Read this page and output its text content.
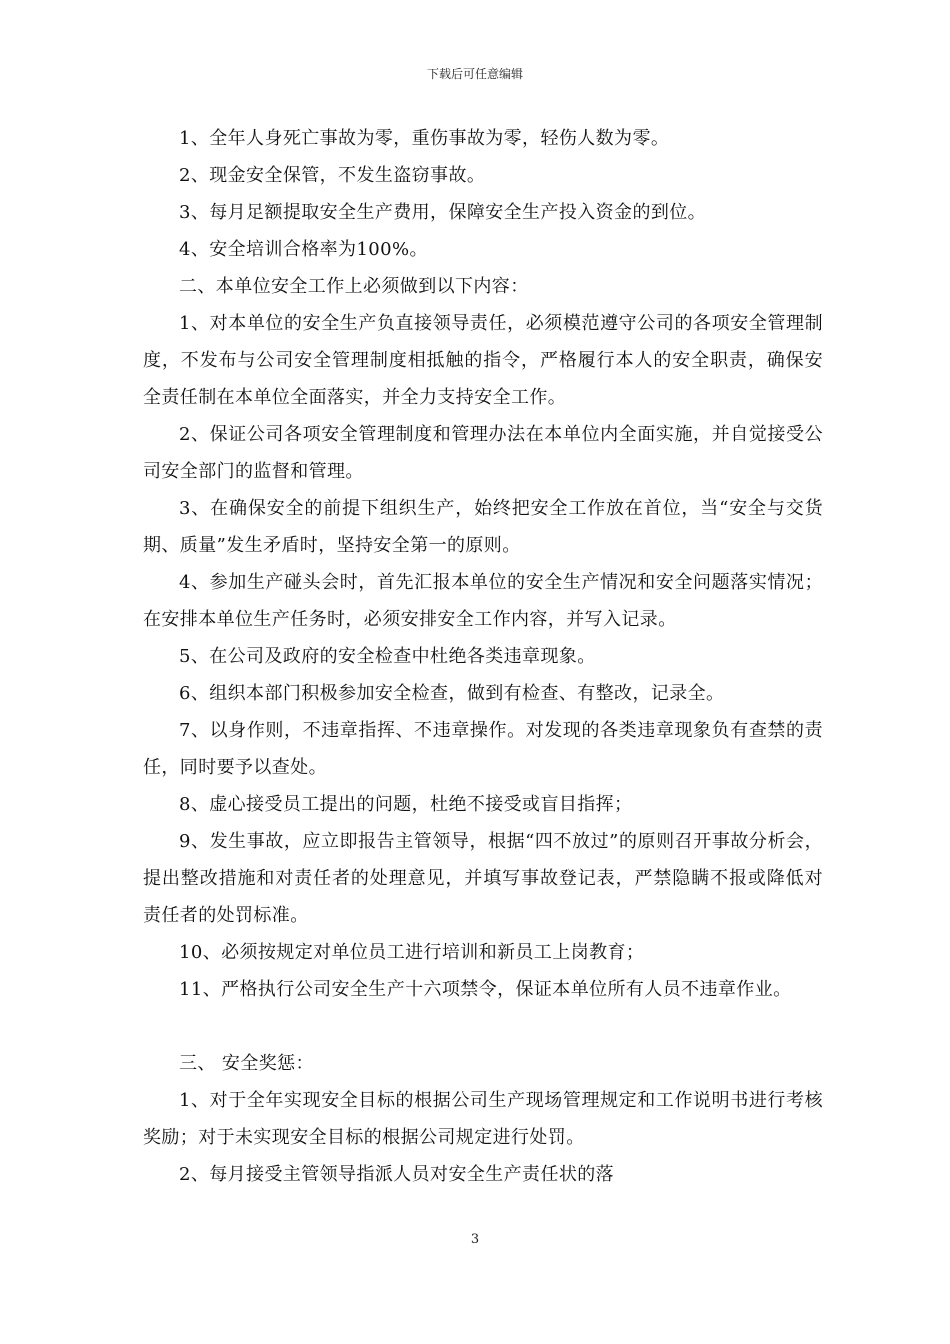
下载后可任意编辑

1、全年人身死亡事故为零，重伤事故为零，轻伤人数为零。

2、现金安全保管，不发生盗窃事故。

3、每月足额提取安全生产费用，保障安全生产投入资金的到位。

4、安全培训合格率为100%。

二、本单位安全工作上必须做到以下内容：

1、对本单位的安全生产负直接领导责任，必须模范遵守公司的各项安全管理制度，不发布与公司安全管理制度相抵触的指令，严格履行本人的安全职责，确保安全责任制在本单位全面落实，并全力支持安全工作。

2、保证公司各项安全管理制度和管理办法在本单位内全面实施，并自觉接受公司安全部门的监督和管理。

3、在确保安全的前提下组织生产，始终把安全工作放在首位，当“安全与交货期、质量”发生矛盾时，坚持安全第一的原则。

4、参加生产碰头会时，首先汇报本单位的安全生产情况和安全问题落实情况；在安排本单位生产任务时，必须安排安全工作内容，并写入记录。

5、在公司及政府的安全检查中杜绝各类违章现象。

6、组织本部门积极参加安全检查，做到有检查、有整改，记录全。

7、以身作则，不违章指挥、不违章操作。对发现的各类违章现象负有查禁的责任，同时要予以查处。

8、虚心接受员工提出的问题，杜绝不接受或盲目指挥；

9、发生事故，应立即报告主管领导，根据“四不放过”的原则召开事故分析会，提出整改措施和对责任者的处理意见，并填写事故登记表，严禁隐瞒不报或降低对责任者的处罚标准。

10、必须按规定对单位员工进行培训和新员工上岗教育；

11、严格执行公司安全生产十六项禁令，保证本单位所有人员不违章作业。

三、 安全奖惩：

1、对于全年实现安全目标的根据公司生产现场管理规定和工作说明书进行考核奖励；对于未实现安全目标的根据公司规定进行处罚。

2、每月接受主管领导指派人员对安全生产责任状的落

3
